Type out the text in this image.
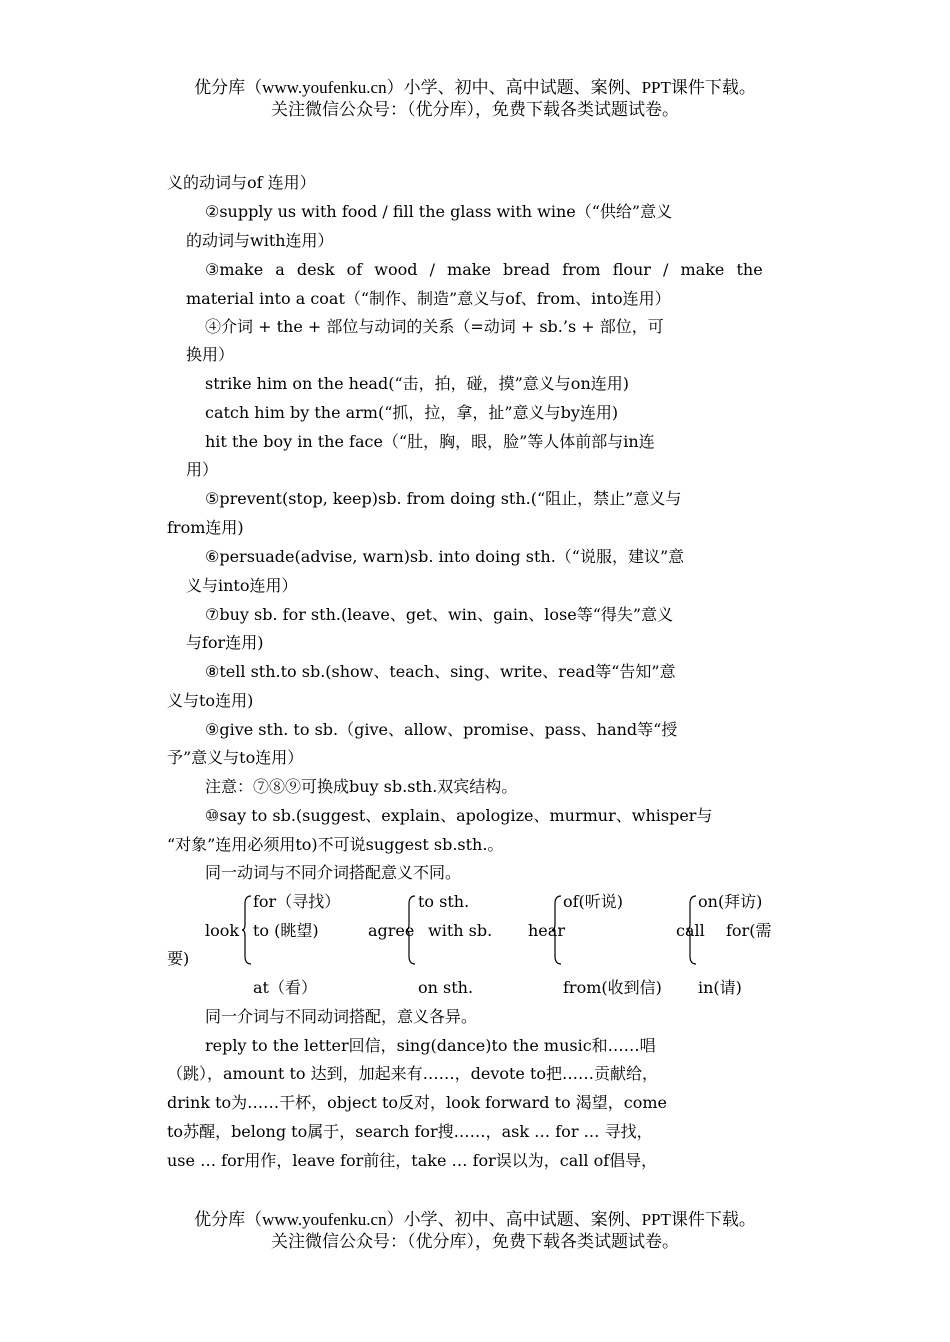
优分库（www.youfenku.cn）小学、初中、高中试题、案例、PPT课件下载。
关注微信公众号：（优分库），免费下载各类试题试卷。
义的动词与of 连用）
②supply us with food / fill the glass with wine（“供给”意义
的动词与with连用）
③make a desk of wood / make bread from flour / make the
material into a coat（“制作、制造”意义与of、from、into连用）
④介词 + the + 部位与动词的关系（=动词 + sb.’s + 部位，可
换用）
strike him on the head(“击，拍，碰，摸”意义与on连用)
catch him by the arm(“抓，拉，拿，扯”意义与by连用)
hit the boy in the face（“肚，胸，眼，脸”等人体前部与in连
用）
⑤prevent(stop, keep)sb. from doing sth.(“阻止，禁止”意义与
from连用)
⑥persuade(advise, warn)sb. into doing sth.（“说服，建议”意
义与into连用）
⑦buy sb. for sth.(leave、get、win、gain、lose等“得失”意义
与for连用)
⑧tell sth.to sb.(show、teach、sing、write、read等“告知”意
义与to连用)
⑨give sth. to sb.（give、allow、promise、pass、hand等“授
予”意义与to连用）
注意：⑦⑧⑨可换成buy sb.sth.双宾结构。
⑩say to sb.(suggest、explain、apologize、murmur、whisper与
“对象”连用必须用to)不可说suggest sb.sth.。
同一动词与不同介词搭配意义不同。
for（寻找）
look to (眺望)
at（看）
to sth.
agree with sb.
on sth.
of(听说)
hear
from(收到信)
on(拜访)
call for(需
要)
in(请)
同一介词与不同动词搭配，意义各异。
reply to the letter回信，sing(dance)to the music和……唱
（跳），amount to 达到，加起来有……，devote to把……贡献给，
drink to为……干杯，object to反对，look forward to 渴望，come
to苏醒，belong to属于，search for搜……，ask … for … 寻找，
use … for用作，leave for前往，take … for误以为，call of倡导，
优分库（www.youfenku.cn）小学、初中、高中试题、案例、PPT课件下载。
关注微信公众号：（优分库），免费下载各类试题试卷。
